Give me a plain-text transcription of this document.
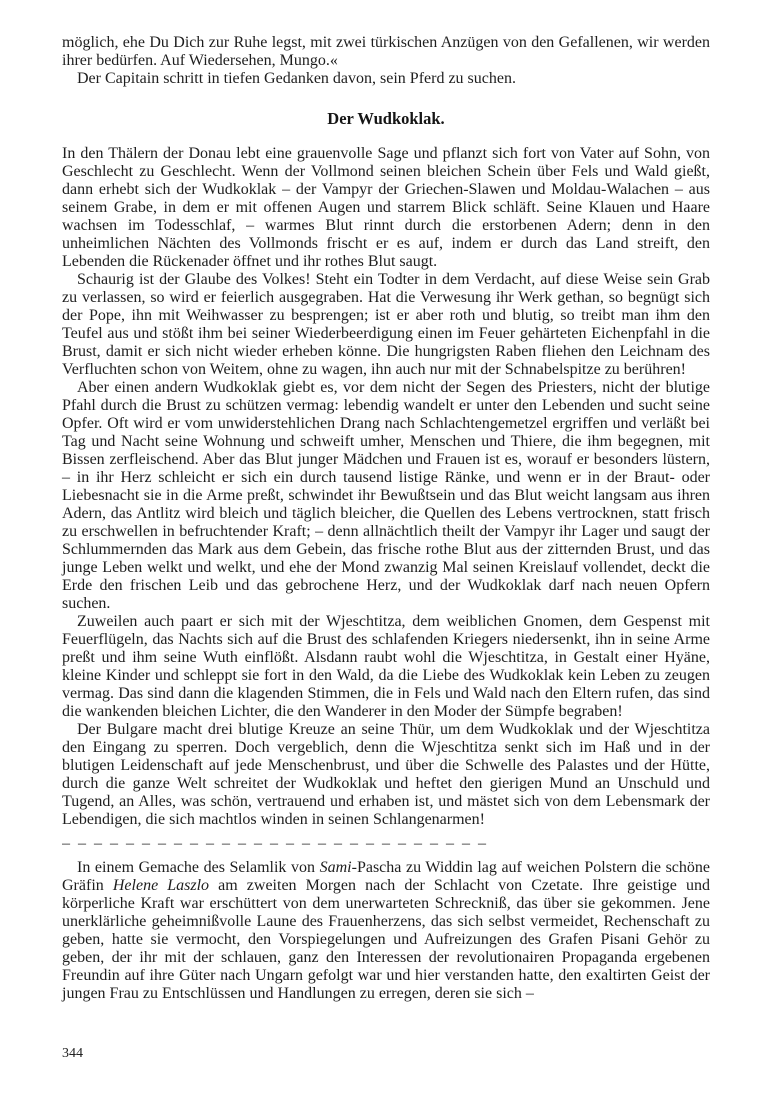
möglich, ehe Du Dich zur Ruhe legst, mit zwei türkischen Anzügen von den Gefallenen, wir werden ihrer bedürfen. Auf Wiedersehen, Mungo.«

Der Capitain schritt in tiefen Gedanken davon, sein Pferd zu suchen.

Der Wudkoklak.

In den Thälern der Donau lebt eine grauenvolle Sage und pflanzt sich fort von Vater auf Sohn, von Geschlecht zu Geschlecht. Wenn der Vollmond seinen bleichen Schein über Fels und Wald gießt, dann erhebt sich der Wudkoklak – der Vampyr der Griechen-Slawen und Moldau-Walachen – aus seinem Grabe, in dem er mit offenen Augen und starrem Blick schläft. Seine Klauen und Haare wachsen im Todesschlaf, – warmes Blut rinnt durch die erstorbenen Adern; denn in den unheimlichen Nächten des Vollmonds frischt er es auf, indem er durch das Land streift, den Lebenden die Rückenader öffnet und ihr rothes Blut saugt.

Schaurig ist der Glaube des Volkes! Steht ein Todter in dem Verdacht, auf diese Weise sein Grab zu verlassen, so wird er feierlich ausgegraben. Hat die Verwesung ihr Werk gethan, so begnügt sich der Pope, ihn mit Weihwasser zu besprengen; ist er aber roth und blutig, so treibt man ihm den Teufel aus und stößt ihm bei seiner Wiederbeerdigung einen im Feuer gehärteten Eichenpfahl in die Brust, damit er sich nicht wieder erheben könne. Die hungrigsten Raben fliehen den Leichnam des Verfluchten schon von Weitem, ohne zu wagen, ihn auch nur mit der Schnabelspitze zu berühren!

Aber einen andern Wudkoklak giebt es, vor dem nicht der Segen des Priesters, nicht der blutige Pfahl durch die Brust zu schützen vermag: lebendig wandelt er unter den Lebenden und sucht seine Opfer. Oft wird er vom unwiderstehlichen Drang nach Schlachtengemetzel ergriffen und verläßt bei Tag und Nacht seine Wohnung und schweift umher, Menschen und Thiere, die ihm begegnen, mit Bissen zerfleischend. Aber das Blut junger Mädchen und Frauen ist es, worauf er besonders lüstern, – in ihr Herz schleicht er sich ein durch tausend listige Ränke, und wenn er in der Braut- oder Liebesnacht sie in die Arme preßt, schwindet ihr Bewußtsein und das Blut weicht langsam aus ihren Adern, das Antlitz wird bleich und täglich bleicher, die Quellen des Lebens vertrocknen, statt frisch zu erschwellen in befruchtender Kraft; – denn allnächtlich theilt der Vampyr ihr Lager und saugt der Schlummernden das Mark aus dem Gebein, das frische rothe Blut aus der zitternden Brust, und das junge Leben welkt und welkt, und ehe der Mond zwanzig Mal seinen Kreislauf vollendet, deckt die Erde den frischen Leib und das gebrochene Herz, und der Wudkoklak darf nach neuen Opfern suchen.

Zuweilen auch paart er sich mit der Wjeschtitza, dem weiblichen Gnomen, dem Gespenst mit Feuerflügeln, das Nachts sich auf die Brust des schlafenden Kriegers niedersenkt, ihn in seine Arme preßt und ihm seine Wuth einflößt. Alsdann raubt wohl die Wjeschtitza, in Gestalt einer Hyäne, kleine Kinder und schleppt sie fort in den Wald, da die Liebe des Wudkoklak kein Leben zu zeugen vermag. Das sind dann die klagenden Stimmen, die in Fels und Wald nach den Eltern rufen, das sind die wankenden bleichen Lichter, die den Wanderer in den Moder der Sümpfe begraben!

Der Bulgare macht drei blutige Kreuze an seine Thür, um dem Wudkoklak und der Wjeschtitza den Eingang zu sperren. Doch vergeblich, denn die Wjeschtitza senkt sich im Haß und in der blutigen Leidenschaft auf jede Menschenbrust, und über die Schwelle des Palastes und der Hütte, durch die ganze Welt schreitet der Wudkoklak und heftet den gierigen Mund an Unschuld und Tugend, an Alles, was schön, vertrauend und erhaben ist, und mästet sich von dem Lebensmark der Lebendigen, die sich machtlos winden in seinen Schlangenarmen!

– – – – – – – – – – – – – – – – – – – – – – – – – – –

In einem Gemache des Selamlik von Sami-Pascha zu Widdin lag auf weichen Polstern die schöne Gräfin Helene Laszlo am zweiten Morgen nach der Schlacht von Czetate. Ihre geistige und körperliche Kraft war erschüttert von dem unerwarteten Schreckniß, das über sie gekommen. Jene unerklärliche geheimnißvolle Laune des Frauenherzens, das sich selbst vermeidet, Rechenschaft zu geben, hatte sie vermocht, den Vorspiegelungen und Aufreizungen des Grafen Pisani Gehör zu geben, der ihr mit der schlauen, ganz den Interessen der revolutionairen Propaganda ergebenen Freundin auf ihre Güter nach Ungarn gefolgt war und hier verstanden hatte, den exaltirten Geist der jungen Frau zu Entschlüssen und Handlungen zu erregen, deren sie sich –

344
